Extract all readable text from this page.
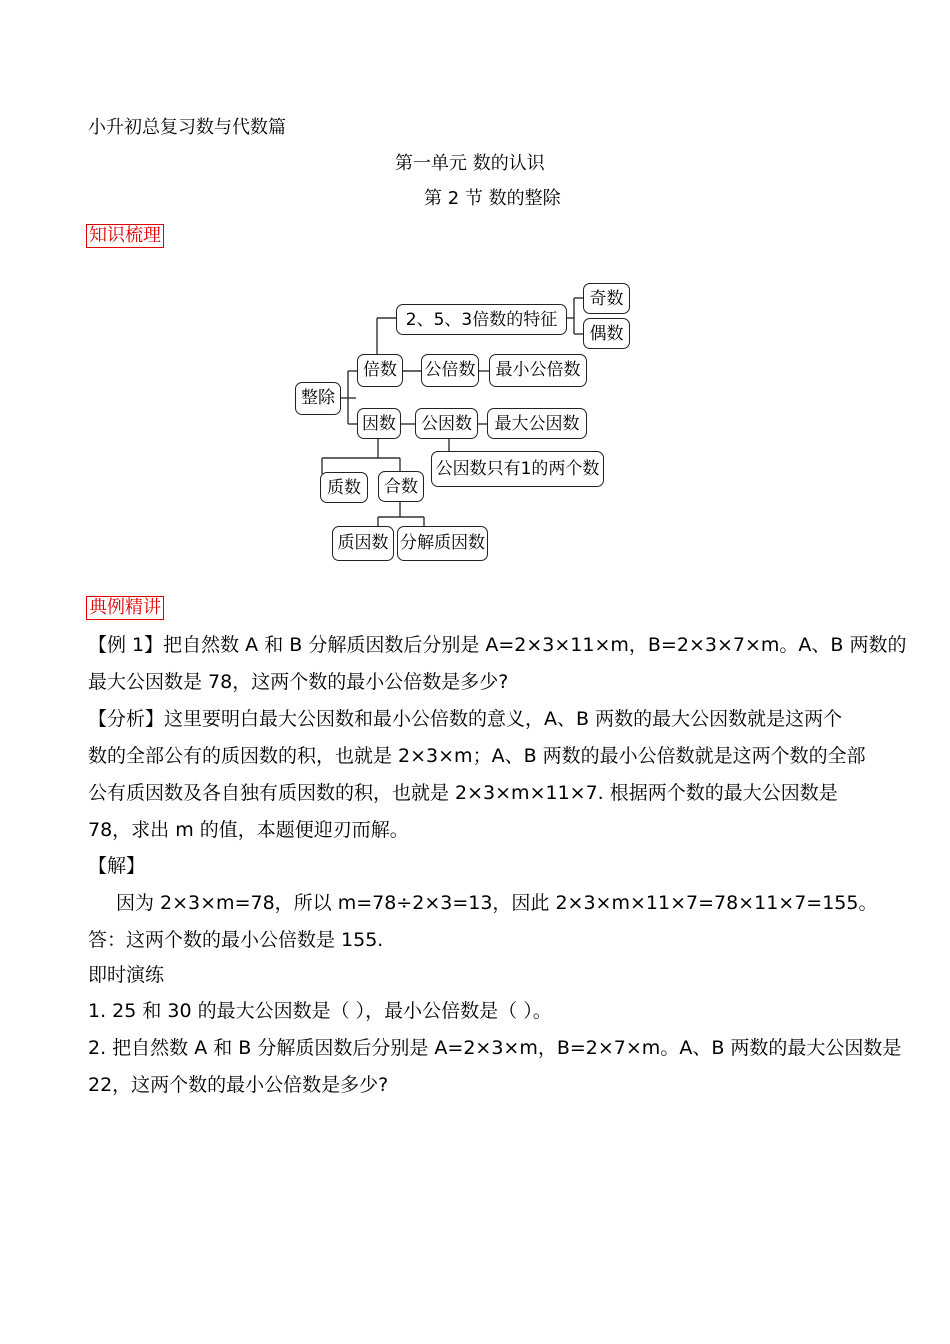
小升初总复习数与代数篇
第一单元 数的认识
第 2 节 数的整除
知识梳理
整除
倍数
因数
2、5、3倍数的特征
奇数
偶数
公倍数	最小公倍数
公因数	最大公因数
公因数只有1的两个数
质数	合数
质因数 分解质因数
典例精讲
【例 1】把自然数 A 和 B 分解质因数后分别是 A=2×3×11×m，B=2×3×7×m。A、B 两数的
最大公因数是 78，这两个数的最小公倍数是多少?
【分析】这里要明白最大公因数和最小公倍数的意义，A、B 两数的最大公因数就是这两个
数的全部公有的质因数的积，也就是 2×3×m；A、B 两数的最小公倍数就是这两个数的全部
公有质因数及各自独有质因数的积，也就是 2×3×m×11×7. 根据两个数的最大公因数是
78，求出 m 的值，本题便迎刃而解。
【解】
因为 2×3×m=78，所以 m=78÷2×3=13，因此 2×3×m×11×7=78×11×7=155。
答：这两个数的最小公倍数是 155.
即时演练
1. 25 和 30 的最大公因数是（ ），最小公倍数是（ ）。
2. 把自然数 A 和 B 分解质因数后分别是 A=2×3×m，B=2×7×m。A、B 两数的最大公因数是
22，这两个数的最小公倍数是多少?
